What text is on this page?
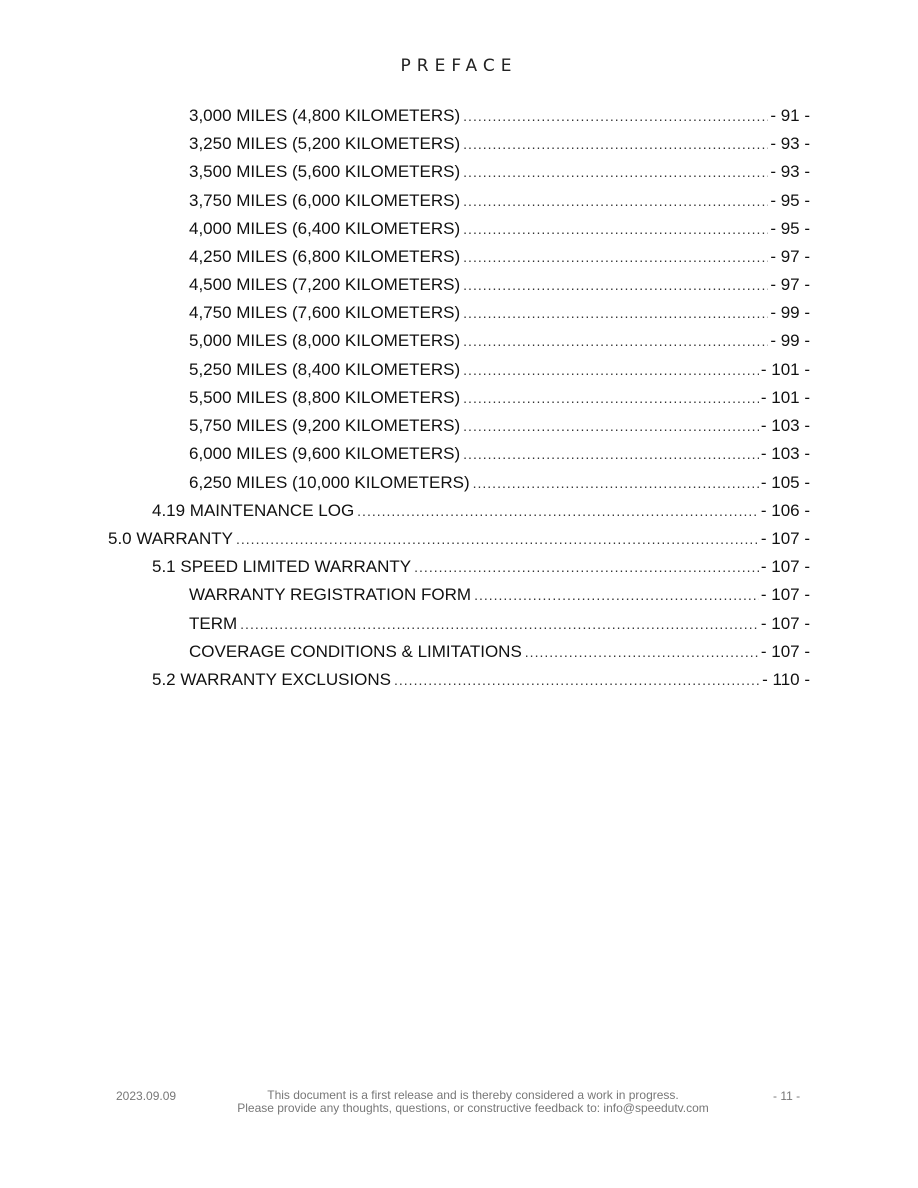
PREFACE
3,000 MILES (4,800 KILOMETERS) .....	- 91 -
3,250 MILES (5,200 KILOMETERS) .....	- 93 -
3,500 MILES (5,600 KILOMETERS) .....	- 93 -
3,750 MILES (6,000 KILOMETERS) .....	- 95 -
4,000 MILES (6,400 KILOMETERS) .....	- 95 -
4,250 MILES (6,800 KILOMETERS) .....	- 97 -
4,500 MILES (7,200 KILOMETERS) .....	- 97 -
4,750 MILES (7,600 KILOMETERS) .....	- 99 -
5,000 MILES (8,000 KILOMETERS) .....	- 99 -
5,250 MILES (8,400 KILOMETERS) .....	- 101 -
5,500 MILES (8,800 KILOMETERS) .....	- 101 -
5,750 MILES (9,200 KILOMETERS) .....	- 103 -
6,000 MILES (9,600 KILOMETERS) .....	- 103 -
6,250 MILES (10,000 KILOMETERS) .....	- 105 -
4.19 MAINTENANCE LOG .....	- 106 -
5.0 WARRANTY .....	- 107 -
5.1 SPEED LIMITED WARRANTY .....	- 107 -
WARRANTY REGISTRATION FORM .....	- 107 -
TERM .....	- 107 -
COVERAGE CONDITIONS & LIMITATIONS .....	- 107 -
5.2 WARRANTY EXCLUSIONS .....	- 110 -
2023.09.09	This document is a first release and is thereby considered a work in progress.
Please provide any thoughts, questions, or constructive feedback to: info@speedutv.com
- 11 -
